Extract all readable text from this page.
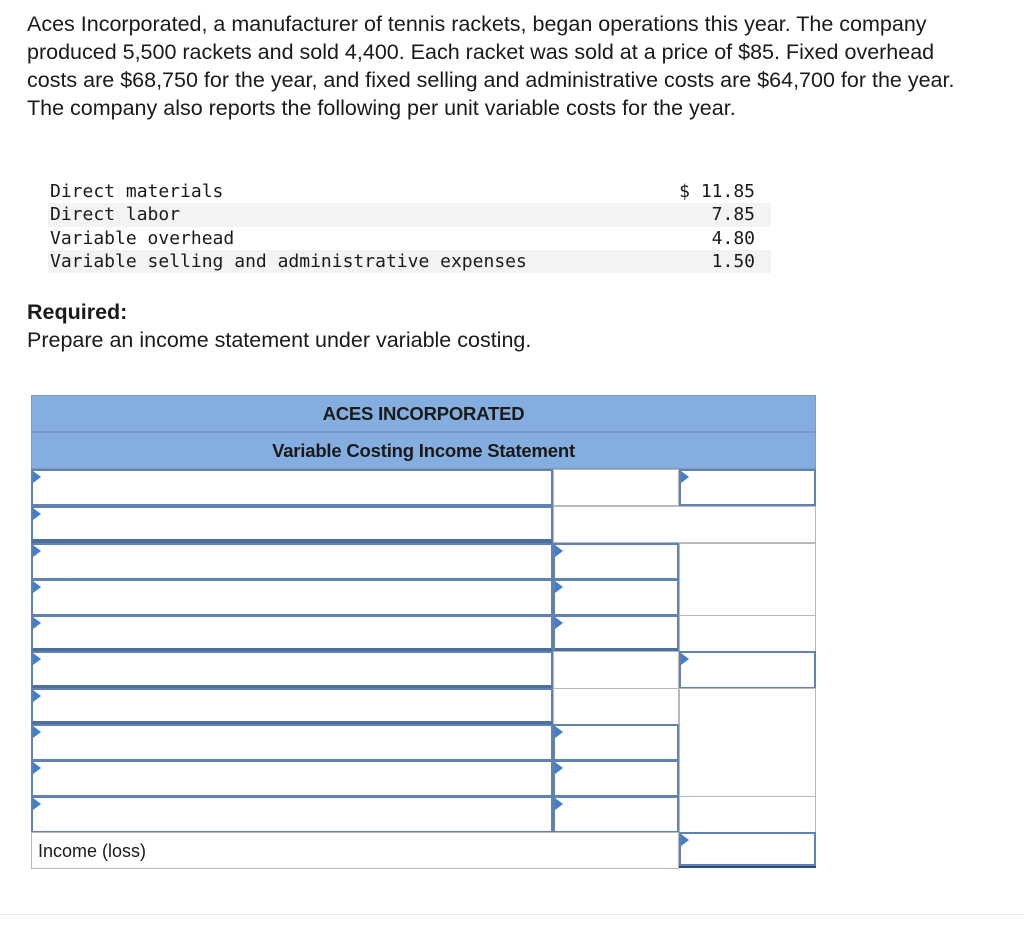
Aces Incorporated, a manufacturer of tennis rackets, began operations this year. The company produced 5,500 rackets and sold 4,400. Each racket was sold at a price of $85. Fixed overhead costs are $68,750 for the year, and fixed selling and administrative costs are $64,700 for the year. The company also reports the following per unit variable costs for the year.

Direct materials	$ 11.85
Direct labor	7.85
Variable overhead	4.80
Variable selling and administrative expenses	1.50

Required:

Prepare an income statement under variable costing.

ACES INCORPORATED
Variable Costing Income Statement
Income (loss)
